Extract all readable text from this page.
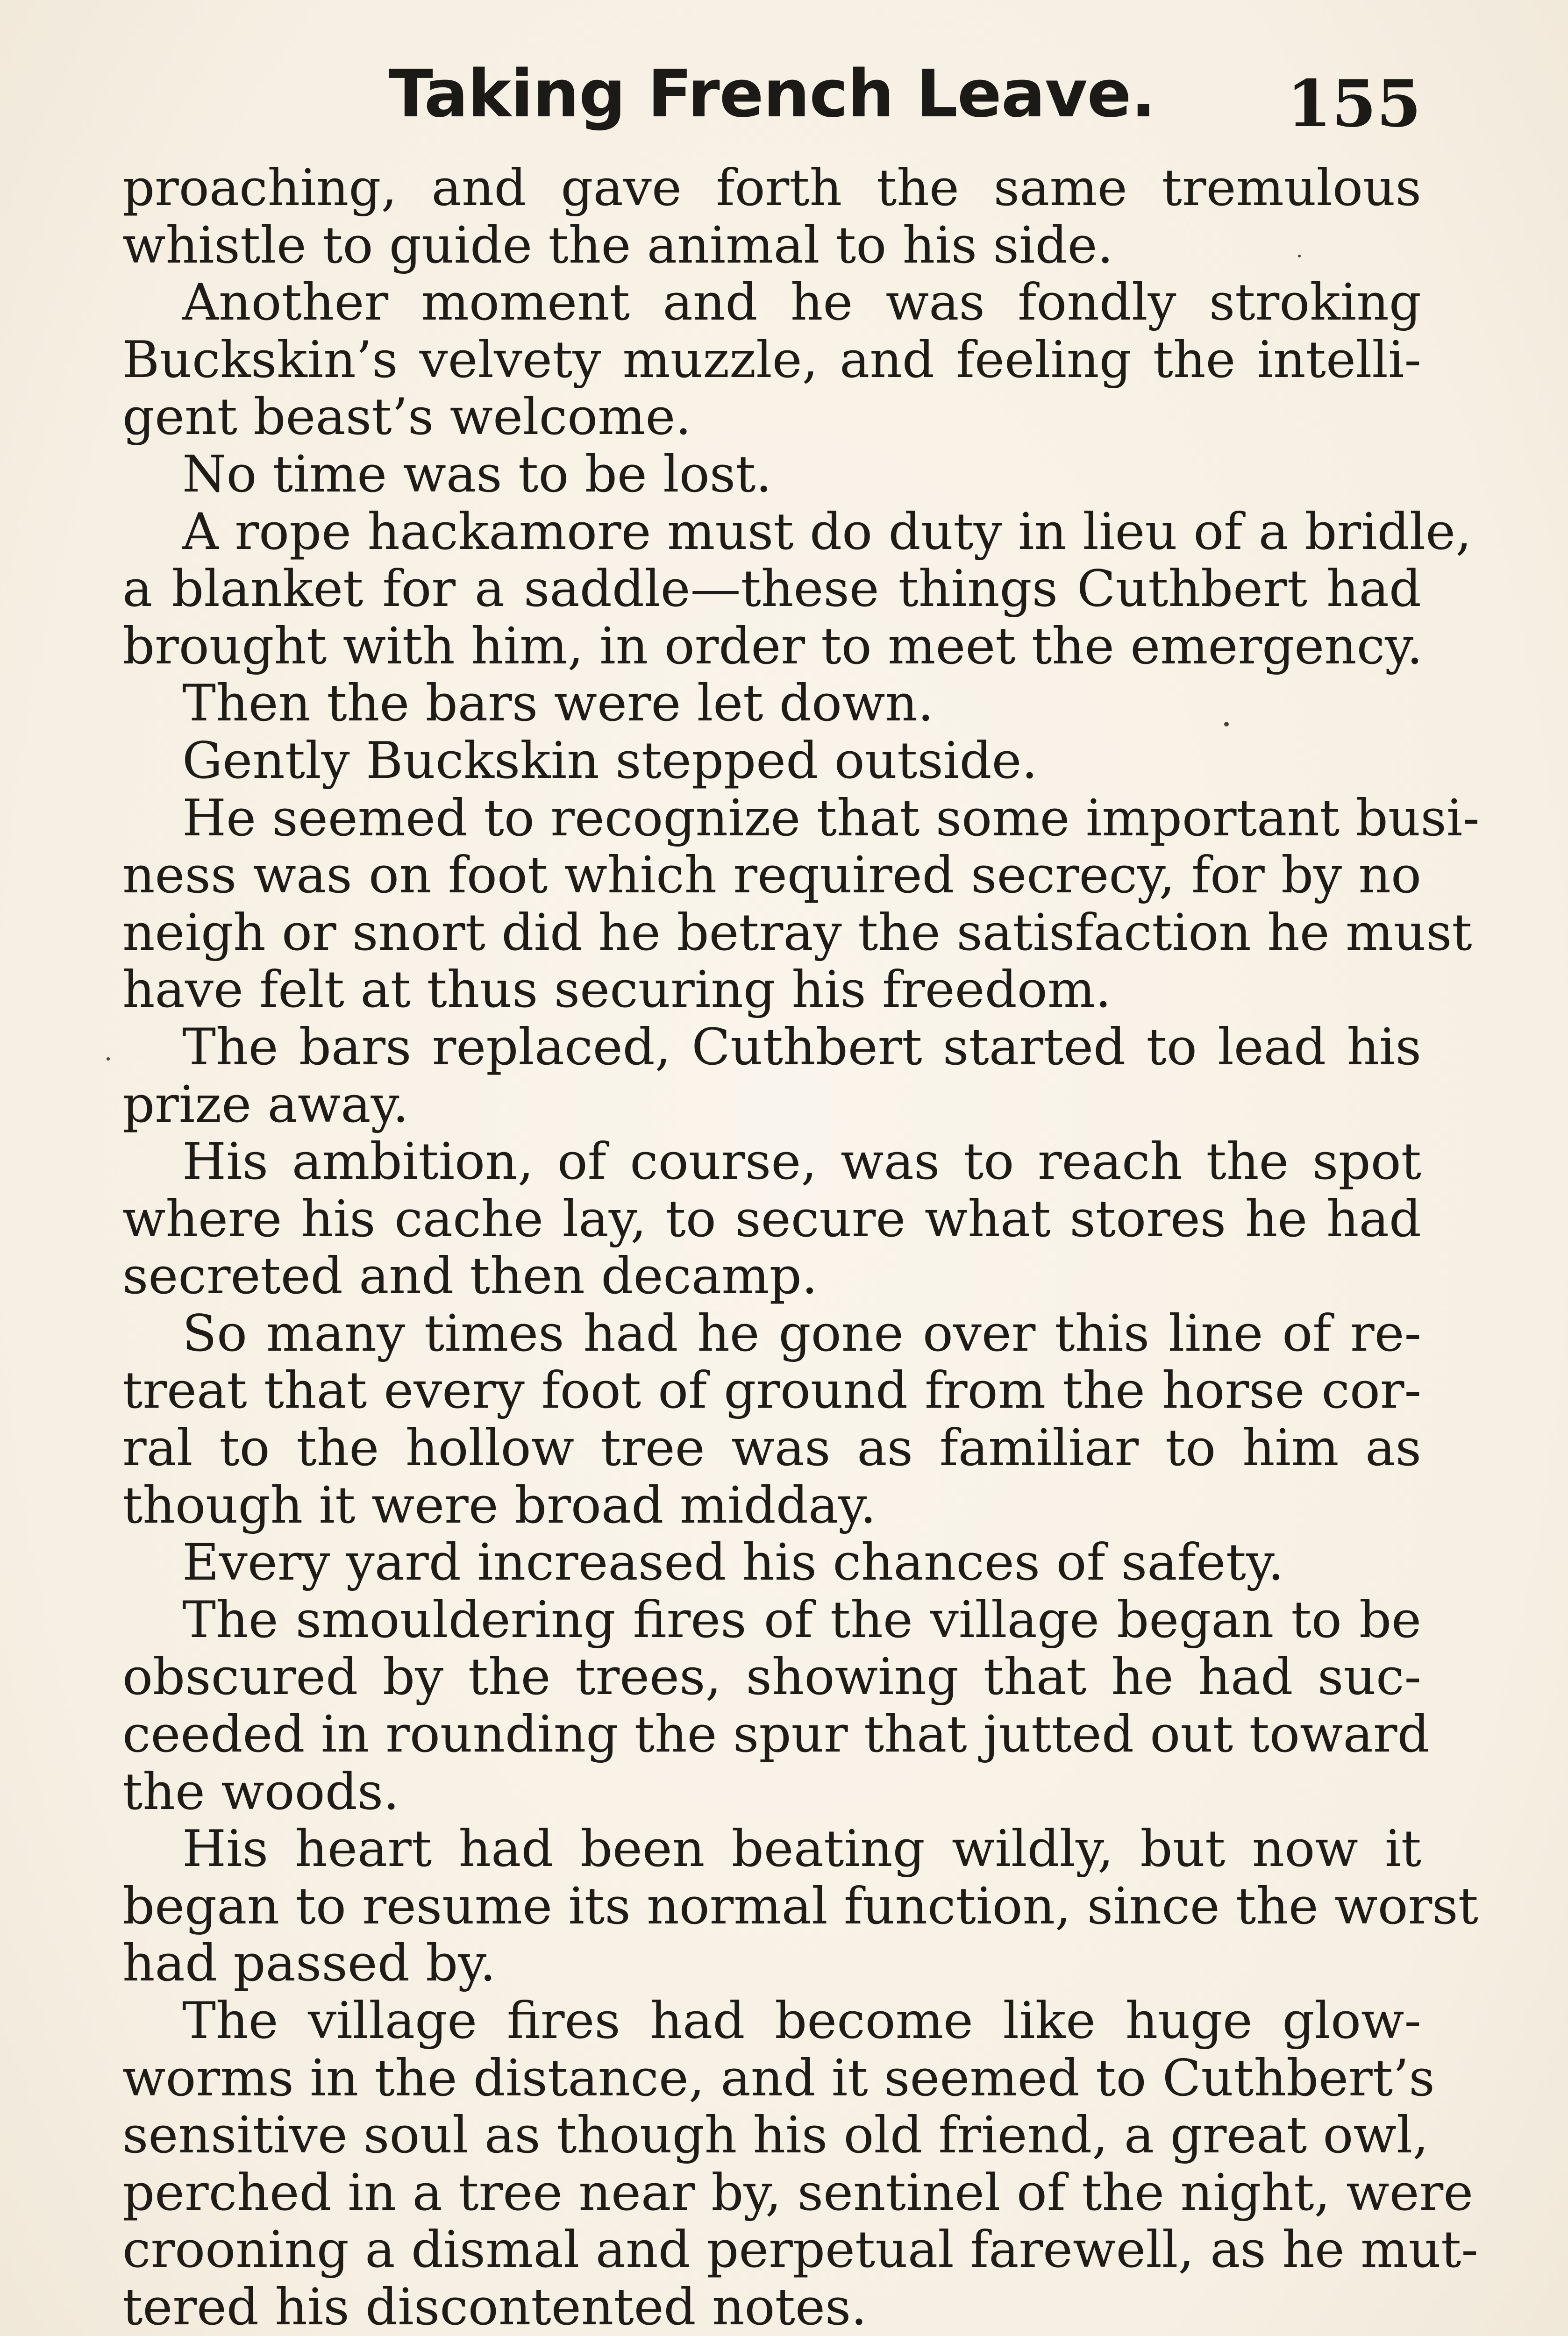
Taking French Leave.	155
proaching, and gave forth the same tremulous
whistle to guide the animal to his side.
Another moment and he was fondly stroking
Buckskin’s velvety muzzle, and feeling the intelli-
gent beast’s welcome.
No time was to be lost.
A rope hackamore must do duty in lieu of a bridle,
a blanket for a saddle—these things Cuthbert had
brought with him, in order to meet the emergency.
Then the bars were let down.
Gently Buckskin stepped outside.
He seemed to recognize that some important busi-
ness was on foot which required secrecy, for by no
neigh or snort did he betray the satisfaction he must
have felt at thus securing his freedom.
The bars replaced, Cuthbert started to lead his
prize away.
His ambition, of course, was to reach the spot
where his cache lay, to secure what stores he had
secreted and then decamp.
So many times had he gone over this line of re-
treat that every foot of ground from the horse cor-
ral to the hollow tree was as familiar to him as
though it were broad midday.
Every yard increased his chances of safety.
The smouldering fires of the village began to be
obscured by the trees, showing that he had suc-
ceeded in rounding the spur that jutted out toward
the woods.
His heart had been beating wildly, but now it
began to resume its normal function, since the worst
had passed by.
The village fires had become like huge glow-
worms in the distance, and it seemed to Cuthbert’s
sensitive soul as though his old friend, a great owl,
perched in a tree near by, sentinel of the night, were
crooning a dismal and perpetual farewell, as he mut-
tered his discontented notes.
